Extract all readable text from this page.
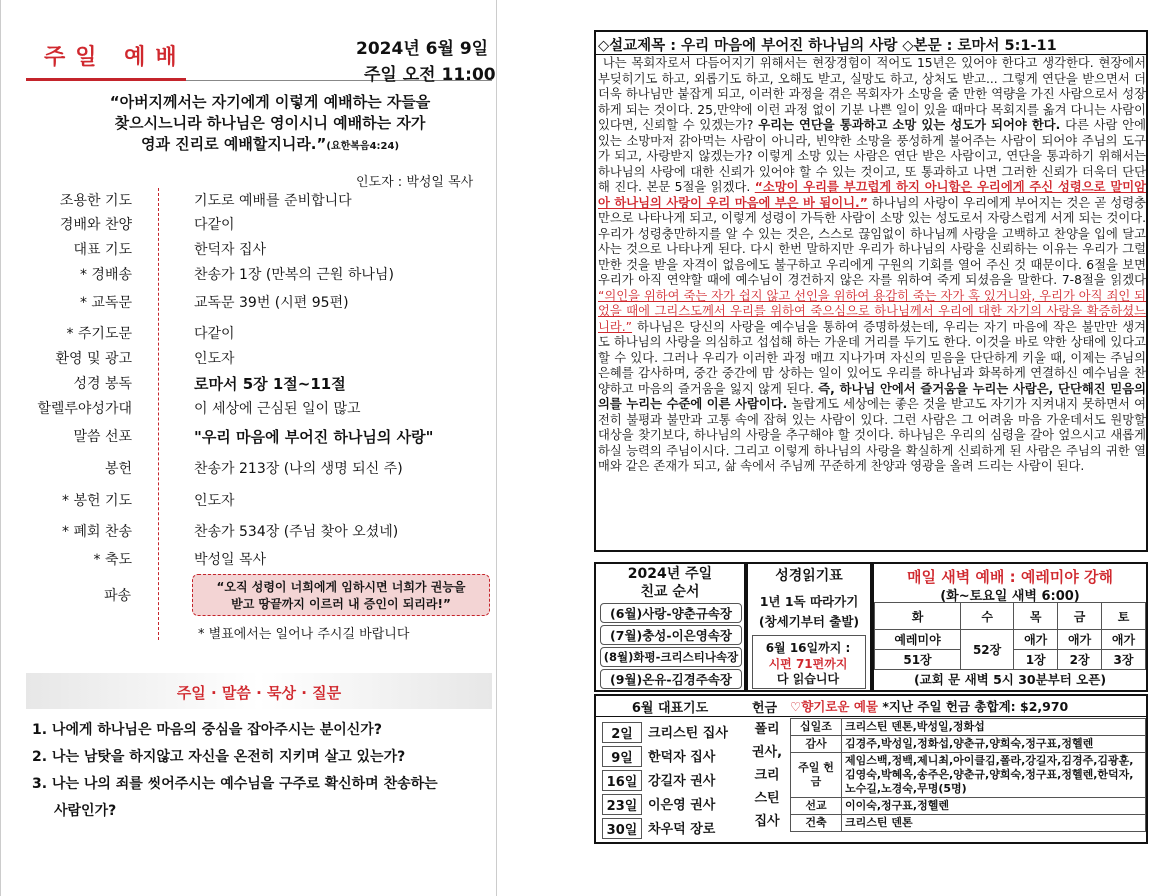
주일 예배	2024년 6월 9일
주일 오전 11:00
“아버지께서는 자기에게 이렇게 예배하는 자들을
찾으시느니라 하나님은 영이시니 예배하는 자가
영과 진리로 예배할지니라.”(요한복음4:24)
인도자 : 박성일 목사
조용한 기도	기도로 예배를 준비합니다
경배와 찬양	다같이
대표 기도	한덕자 집사
* 경배송	찬송가 1장 (만복의 근원 하나님)
* 교독문	교독문 39번 (시편 95편)
* 주기도문	다같이
환영 및 광고	인도자
성경 봉독	로마서 5장 1절~11절
할렐루야성가대	이 세상에 근심된 일이 많고
말씀 선포	"우리 마음에 부어진 하나님의 사랑"
봉헌	찬송가 213장 (나의 생명 되신 주)
* 봉헌 기도	인도자
* 폐회 찬송	찬송가 534장 (주님 찾아 오셨네)
* 축도	박성일 목사
파송
“오직 성령이 너희에게 임하시면 너희가 권능을
받고 땅끝까지 이르러 내 증인이 되리라!”
* 별표에서는 일어나 주시길 바랍니다
주일 · 말씀 · 묵상 · 질문
1. 나에게 하나님은 마음의 중심을 잡아주시는 분이신가?
2. 나는 남탓을 하지않고 자신을 온전히 지키며 살고 있는가?
3. 나는 나의 죄를 씻어주시는 예수님을 구주로 확신하며 찬송하는
사람인가?
◇설교제목 : 우리 마음에 부어진 하나님의 사랑 ◇본문 : 로마서 5:1-11
나는 목회자로서 다듬어지기 위해서는 현장경험이 적어도 15년은 있어야 한다고 생각한다. 현장에서 부딪히기도 하고, 외롭기도 하고, 오해도 받고, 실망도 하고, 상처도 받고... 그렇게 연단을 받으면서 더더욱 하나님만 붙잡게 되고, 이러한 과정을 겪은 목회자가 소망을 줄 만한 역량을 가진 사람으로서 성장하게 되는 것이다. 25,만약에 이런 과정 없이 기분 나쁜 일이 있을 때마다 목회지를 옮겨 다니는 사람이 있다면, 신뢰할 수 있겠는가? 우리는 연단을 통과하고 소망 있는 성도가 되어야 한다. 다른 사람 안에 있는 소망마저 갉아먹는 사람이 아니라, 빈약한 소망을 풍성하게 불어주는 사람이 되어야 주님의 도구가 되고, 사랑받지 않겠는가? 이렇게 소망 있는 사람은 연단 받은 사람이고, 연단을 통과하기 위해서는 하나님의 사랑에 대한 신뢰가 있어야 할 수 있는 것이고, 또 통과하고 나면 그러한 신뢰가 더욱더 단단해 진다. 본문 5절을 읽겠다. “소망이 우리를 부끄럽게 하지 아니함은 우리에게 주신 성령으로 말미암아 하나님의 사랑이 우리 마음에 부은 바 됨이니.” 하나님의 사랑이 우리에게 부어지는 것은 곧 성령충만으로 나타나게 되고, 이렇게 성령이 가득한 사람이 소망 있는 성도로서 자랑스럽게 서게 되는 것이다. 우리가 성령충만하지를 알 수 있는 것은, 스스로 끊임없이 하나님께 사랑을 고백하고 찬양을 입에 달고 사는 것으로 나타나게 된다. 다시 한번 말하지만 우리가 하나님의 사랑을 신뢰하는 이유는 우리가 그럴만한 것을 받을 자격이 없음에도 불구하고 우리에게 구원의 기회를 열어 주신 것 때문이다. 6절을 보면 우리가 아직 연약할 때에 예수님이 경건하지 않은 자를 위하여 죽게 되셨음을 말한다. 7-8절을 읽겠다 “의인을 위하여 죽는 자가 쉽지 않고 선인을 위하여 용감히 죽는 자가 혹 있거니와, 우리가 아직 죄인 되었을 때에 그리스도께서 우리를 위하여 죽으심으로 하나님께서 우리에 대한 자기의 사랑을 확증하셨느니라.” 하나님은 당신의 사랑을 예수님을 통하여 증명하셨는데, 우리는 자기 마음에 작은 불만만 생겨도 하나님의 사랑을 의심하고 섭섭해 하는 가운데 거리를 두기도 한다. 이것을 바로 약한 상태에 있다고 할 수 있다. 그러나 우리가 이러한 과정 매끄 지나가며 자신의 믿음을 단단하게 키울 때, 이제는 주님의 은혜를 감사하며, 중간 중간에 맘 상하는 일이 있어도 우리를 하나님과 화목하게 연결하신 예수님을 찬양하고 마음의 즐거움을 잃지 않게 된다. 즉, 하나님 안에서 즐거움을 누리는 사람은, 단단해진 믿음의 의를 누리는 수준에 이른 사람이다. 놀랍게도 세상에는 좋은 것을 받고도 자기가 지켜내지 못하면서 여전히 불평과 불만과 고통 속에 잡혀 있는 사람이 있다. 그런 사람은 그 어려움 마음 가운데서도 원망할 대상을 찾기보다, 하나님의 사랑을 추구해야 할 것이다. 하나님은 우리의 심령을 갈아 엎으시고 새롭게 하실 능력의 주님이시다. 그리고 이렇게 하나님의 사랑을 확실하게 신뢰하게 된 사람은 주님의 귀한 열매와 같은 존재가 되고, 삶 속에서 주님께 꾸준하게 찬양과 영광을 올려 드리는 사람이 된다.
2024년 주일
친교 순서
(6월)사랑-양춘규속장
(7월)충성-이은영속장
(8월)화평-크리스티나속장
(9월)온유-김경주속장
성경읽기표
1년 1독 따라가기
(창세기부터 출발)
6월 16일까지 :
시편 71편까지
다 읽습니다
매일 새벽 예배 : 예레미야 강해
(화~토요일 새벽 6:00)
화	수	목	금	토
예레미야	52장	애가	애가	애가
51장		1장	2장	3장
(교회 문 새벽 5시 30분부터 오픈)
6월 대표기도	헌금 ♡향기로운 예물 *지난 주일 헌금 총합계: $2,970
2일	크리스틴 집사
9일	한덕자 집사
16일 강길자 권사
23일 이은영 권사
30일 차우덕 장로
폴리
권사,
크리
스틴
집사
십일조	크리스틴 덴톤,박성일,정화섭
감사	김경주,박성일,정화섭,양춘규,양희숙,정구표,정헬렌
주일 헌금	제임스백,정백,제니최,아이클김,폴라,강길자,김경주,김광훈,김영숙,박혜옥,송주은,양춘규,양희숙,정구표,정헬렌,한덕자,노수길,노경숙,무명(5명)
선교	이이숙,정구표,정헬렌
건축	크리스틴 덴톤
